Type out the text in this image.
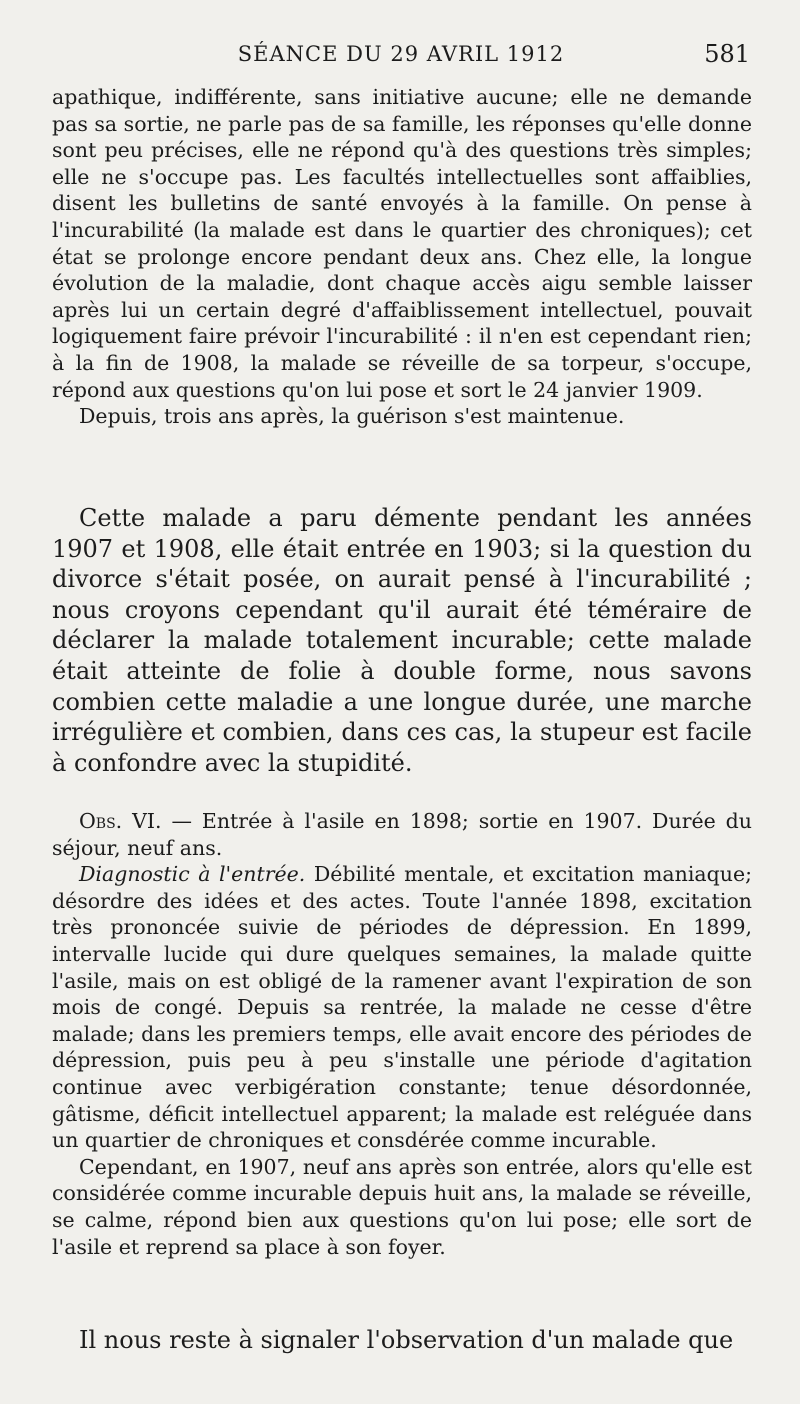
SÉANCE DU 29 AVRIL 1912	581

apathique, indifférente, sans initiative aucune; elle ne demande pas sa sortie, ne parle pas de sa famille, les réponses qu'elle donne sont peu précises, elle ne répond qu'à des questions très simples; elle ne s'occupe pas. Les facultés intellectuelles sont affaiblies, disent les bulletins de santé envoyés à la famille. On pense à l'incurabilité (la malade est dans le quartier des chroniques); cet état se prolonge encore pendant deux ans. Chez elle, la longue évolution de la maladie, dont chaque accès aigu semble laisser après lui un certain degré d'affaiblissement intellectuel, pouvait logiquement faire prévoir l'incurabilité : il n'en est cependant rien; à la fin de 1908, la malade se réveille de sa torpeur, s'occupe, répond aux questions qu'on lui pose et sort le 24 janvier 1909.

Depuis, trois ans après, la guérison s'est maintenue.

Cette malade a paru démente pendant les années 1907 et 1908, elle était entrée en 1903; si la question du divorce s'était posée, on aurait pensé à l'incurabilité ; nous croyons cependant qu'il aurait été téméraire de déclarer la malade totalement incurable; cette malade était atteinte de folie à double forme, nous savons combien cette maladie a une longue durée, une marche irrégulière et combien, dans ces cas, la stupeur est facile à confondre avec la stupidité.

Obs. VI. — Entrée à l'asile en 1898; sortie en 1907. Durée du séjour, neuf ans.

Diagnostic à l'entrée. Débilité mentale, et excitation maniaque; désordre des idées et des actes. Toute l'année 1898, excitation très prononcée suivie de périodes de dépression. En 1899, intervalle lucide qui dure quelques semaines, la malade quitte l'asile, mais on est obligé de la ramener avant l'expiration de son mois de congé. Depuis sa rentrée, la malade ne cesse d'être malade; dans les premiers temps, elle avait encore des périodes de dépression, puis peu à peu s'installe une période d'agitation continue avec verbigération constante; tenue désordonnée, gâtisme, déficit intellectuel apparent; la malade est reléguée dans un quartier de chroniques et consdérée comme incurable.

Cependant, en 1907, neuf ans après son entrée, alors qu'elle est considérée comme incurable depuis huit ans, la malade se réveille, se calme, répond bien aux questions qu'on lui pose; elle sort de l'asile et reprend sa place à son foyer.

Il nous reste à signaler l'observation d'un malade que
